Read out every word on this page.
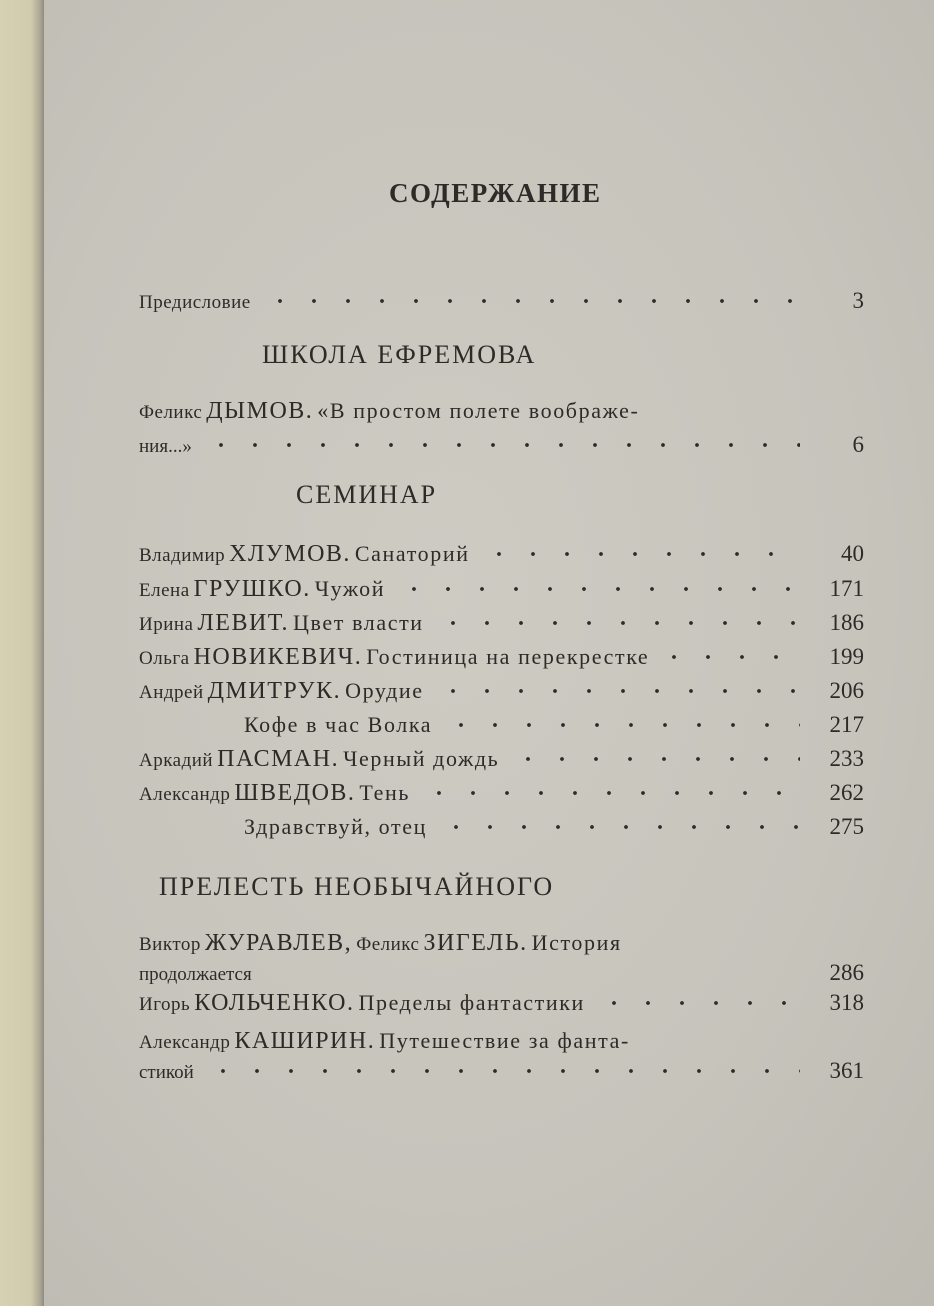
СОДЕРЖАНИЕ
Предисловие	3
ШКОЛА ЕФРЕМОВА
Феликс ДЫМОВ. «В простом полете воображе-
ния...»	6
СЕМИНАР
Владимир ХЛУМОВ. Санаторий	40
Елена ГРУШКО. Чужой	171
Ирина ЛЕВИТ. Цвет власти	186
Ольга НОВИКЕВИЧ. Гостиница на перекрестке	199
Андрей ДМИТРУК. Орудие	206
Кофе в час Волка	217
Аркадий ПАСМАН. Черный дождь	233
Александр ШВЕДОВ. Тень	262
Здравствуй, отец	275
ПРЕЛЕСТЬ НЕОБЫЧАЙНОГО
Виктор ЖУРАВЛЕВ, Феликс ЗИГЕЛЬ. История
продолжается	286
Игорь КОЛЬЧЕНКО. Пределы фантастики	318
Александр КАШИРИН. Путешествие за фанта-
стикой	361
